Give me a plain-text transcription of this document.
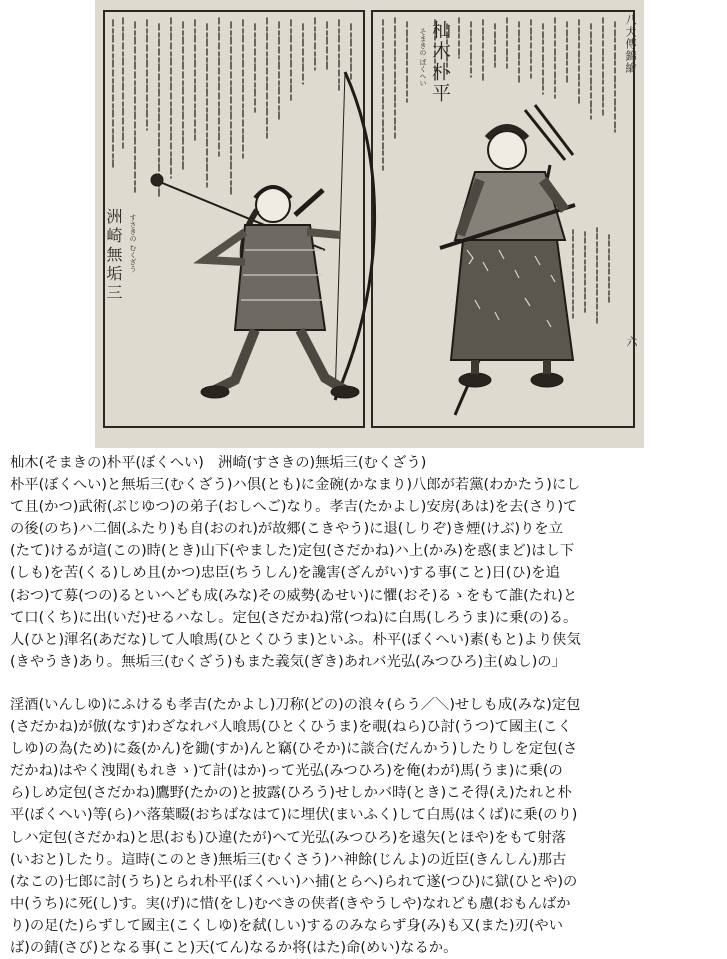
八犬傳錦繪
杣木朴平
そまきの ぼくへい
洲崎無垢三 すさきの むくざう
六
杣木(そまきの)朴平(ぼくへい)　洲崎(すさきの)無垢三(むくざう)
朴平(ぼくへい)と無垢三(むくざう)ハ倶(とも)に金碗(かなまり)八郎が若黨(わかたう)にし
て且(かつ)武術(ぶじゆつ)の弟子(おしへご)なり。孝吉(たかよし)安房(あは)を去(さり)て
の後(のち)ハ二個(ふたり)も自(おのれ)が故郷(こきやう)に退(しりぞ)き煙(けぶ)りを立
(たて)けるが這(この)時(とき)山下(やました)定包(さだかね)ハ上(かみ)を惑(まど)はし下
(しも)を苦(くる)しめ且(かつ)忠臣(ちうしん)を讒害(ざんがい)する事(こと)日(ひ)を追
(おつ)て募(つの)るといへども成(みな)その威勢(ゐせい)に懼(おそ)るゝをもて誰(たれ)と
て口(くち)に出(いだ)せるハなし。定包(さだかね)常(つね)に白馬(しろうま)に乗(の)る。
人(ひと)渾名(あだな)して人喰馬(ひとくひうま)といふ。朴平(ぼくへい)素(もと)より侠気
(きやうき)あり。無垢三(むくざう)もまた義気(ぎき)あれバ光弘(みつひろ)主(ぬし)の」
淫酒(いんしゆ)にふけるも孝吉(たかよし)刀称(どの)の浪々(らう／＼)せしも成(みな)定包
(さだかね)が倣(なす)わざなれバ人喰馬(ひとくひうま)を覗(ねら)ひ討(うつ)て國主(こく
しゆ)の為(ため)に姦(かん)を鋤(すか)んと竊(ひそか)に談合(だんかう)したりしを定包(さ
だかね)はやく洩聞(もれきゝ)て計(はか)って光弘(みつひろ)を俺(わが)馬(うま)に乗(の
ら)しめ定包(さだかね)鷹野(たかの)と披露(ひろう)せしかバ時(とき)こそ得(え)たれと朴
平(ぼくへい)等(ら)ハ落葉畷(おちばなはて)に埋伏(まいふく)して白馬(はくば)に乗(のり)
しハ定包(さだかね)と思(おも)ひ違(たが)へて光弘(みつひろ)を遠矢(とほや)をもて射落
(いおと)したり。這時(このとき)無垢三(むくさう)ハ神餘(じんよ)の近臣(きんしん)那古
(なこの)七郎に討(うち)とられ朴平(ぼくへい)ハ捕(とらへ)られて遂(つひ)に獄(ひとや)の
中(うち)に死(し)す。実(げ)に惜(をし)むべきの侠者(きやうしや)なれども慮(おもんばか
り)の足(た)らずして國主(こくしゆ)を弑(しい)するのみならず身(み)も又(また)刃(やい
ば)の錆(さび)となる事(こと)天(てん)なるか将(はた)命(めい)なるか。
